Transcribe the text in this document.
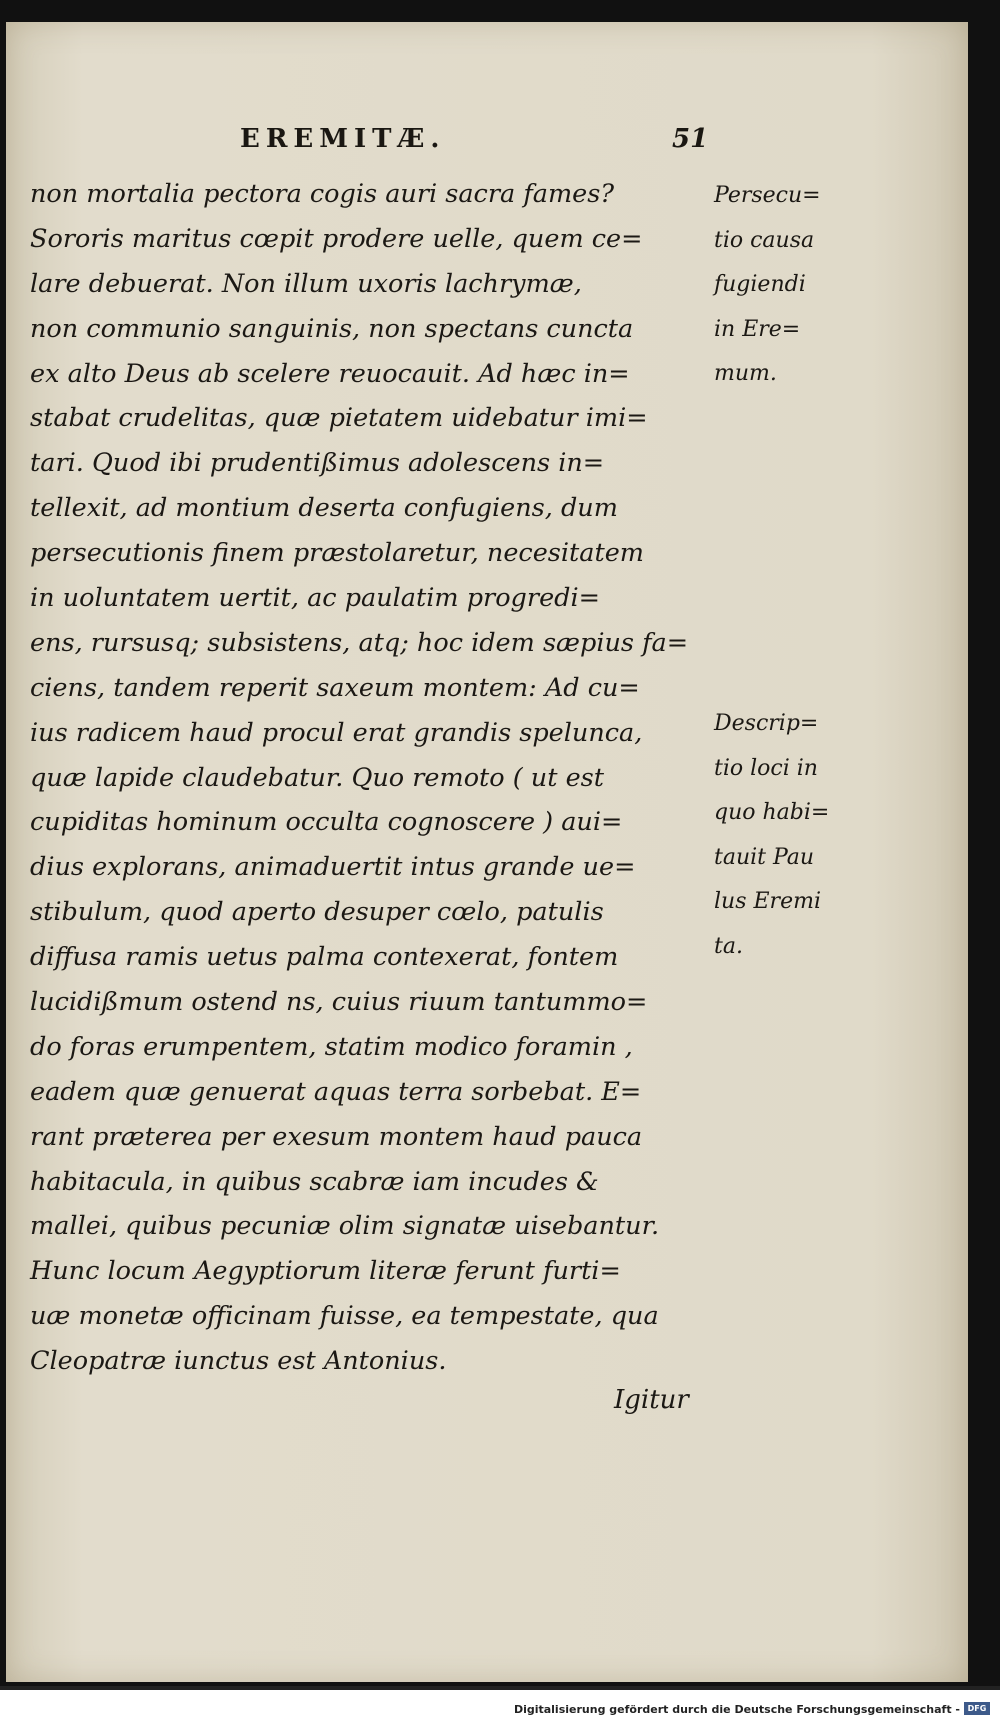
EREMITÆ.	51
non mortalia pectora cogis auri sacra fames?
Sororis maritus cœpit prodere uelle, quem ce=
lare debuerat. Non illum uxoris lachrymæ,
non communio sanguinis, non spectans cuncta
ex alto Deus ab scelere reuocauit. Ad hæc in=
stabat crudelitas, quæ pietatem uidebatur imi=
tari. Quod ibi prudentißimus adolescens in=
tellexit, ad montium deserta confugiens, dum
persecutionis finem præstolaretur, necesitatem
in uoluntatem uertit, ac paulatim progredi=
ens, rursusq; subsistens, atq; hoc idem sæpius fa=
ciens, tandem reperit saxeum montem: Ad cu=
ius radicem haud procul erat grandis spelunca,
quæ lapide claudebatur. Quo remoto ( ut est
cupiditas hominum occulta cognoscere ) aui=
dius explorans, animaduertit intus grande ue=
stibulum, quod aperto desuper cœlo, patulis
diffusa ramis uetus palma contexerat, fontem
lucidißmum ostend ns, cuius riuum tantummo=
do foras erumpentem, statim modico foramin ,
eadem quæ genuerat aquas terra sorbebat. E=
rant præterea per exesum montem haud pauca
habitacula, in quibus scabræ iam incudes &
mallei, quibus pecuniæ olim signatæ uisebantur.
Hunc locum Aegyptiorum literæ ferunt furti=
uæ monetæ officinam fuisse, ea tempestate, qua
Cleopatræ iunctus est Antonius.
Persecu=
tio causa
fugiendi
in Ere=
mum.
Descrip=
tio loci in
quo habi=
tauit Pau
lus Eremi
ta.
Igitur
Digitalisierung gefördert durch die Deutsche Forschungsgemeinschaft - DFG
